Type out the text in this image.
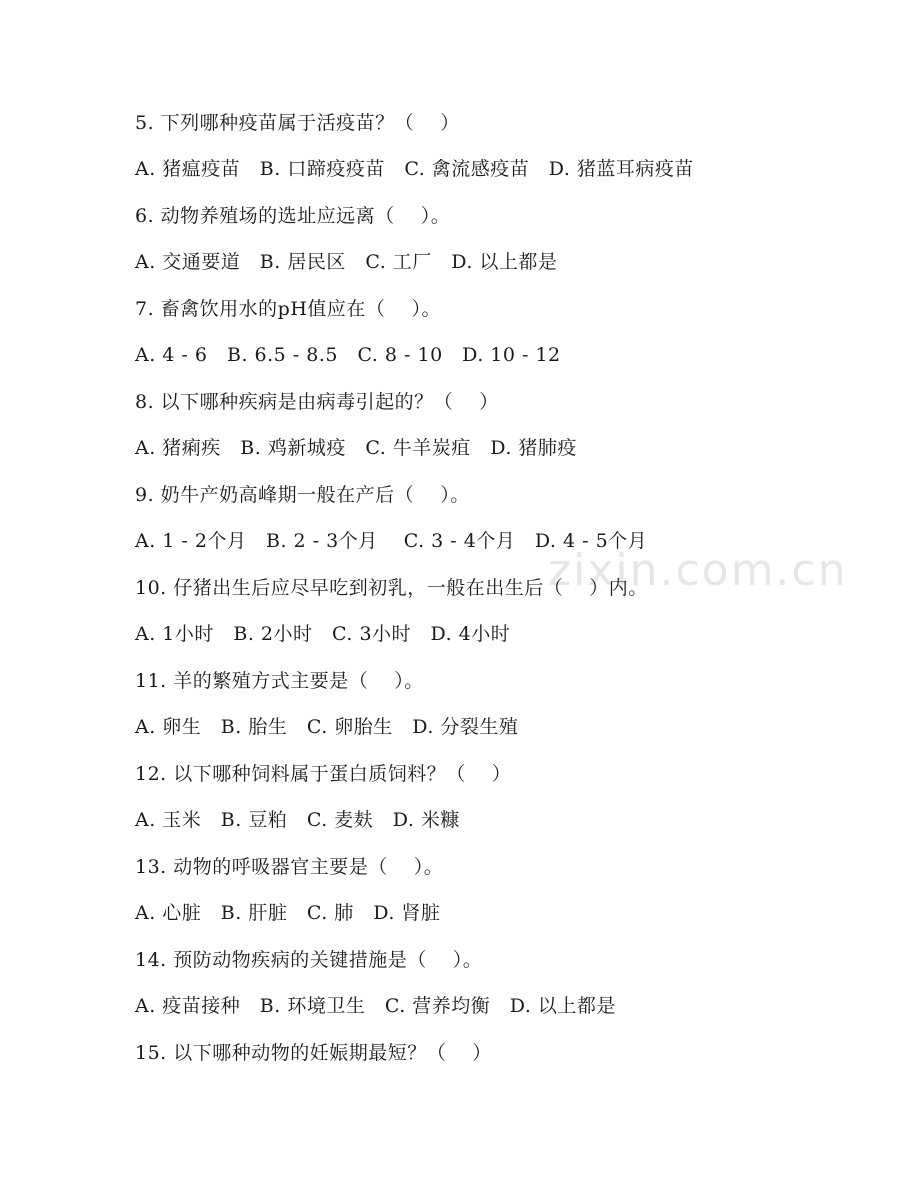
zixin.com.cn
5. 下列哪种疫苗属于活疫苗？（　 ）
A. 猪瘟疫苗　B. 口蹄疫疫苗　C. 禽流感疫苗　D. 猪蓝耳病疫苗
6. 动物养殖场的选址应远离（　 ）。
A. 交通要道　B. 居民区　C. 工厂　D. 以上都是
7. 畜禽饮用水的pH值应在（　 ）。
A. 4 - 6　B. 6.5 - 8.5　C. 8 - 10　D. 10 - 12
8. 以下哪种疾病是由病毒引起的？（　 ）
A. 猪痢疾　B. 鸡新城疫　C. 牛羊炭疽　D. 猪肺疫
9. 奶牛产奶高峰期一般在产后（　 ）。
A. 1 - 2个月　B. 2 - 3个月　 C. 3 - 4个月　D. 4 - 5个月
10. 仔猪出生后应尽早吃到初乳，一般在出生后（　 ）内。
A. 1小时　B. 2小时　C. 3小时　D. 4小时
11. 羊的繁殖方式主要是（　 ）。
A. 卵生　B. 胎生　C. 卵胎生　D. 分裂生殖
12. 以下哪种饲料属于蛋白质饲料？（　 ）
A. 玉米　B. 豆粕　C. 麦麸　D. 米糠
13. 动物的呼吸器官主要是（　 ）。
A. 心脏　B. 肝脏　C. 肺　D. 肾脏
14. 预防动物疾病的关键措施是（　 ）。
A. 疫苗接种　B. 环境卫生　C. 营养均衡　D. 以上都是
15. 以下哪种动物的妊娠期最短？（　 ）
